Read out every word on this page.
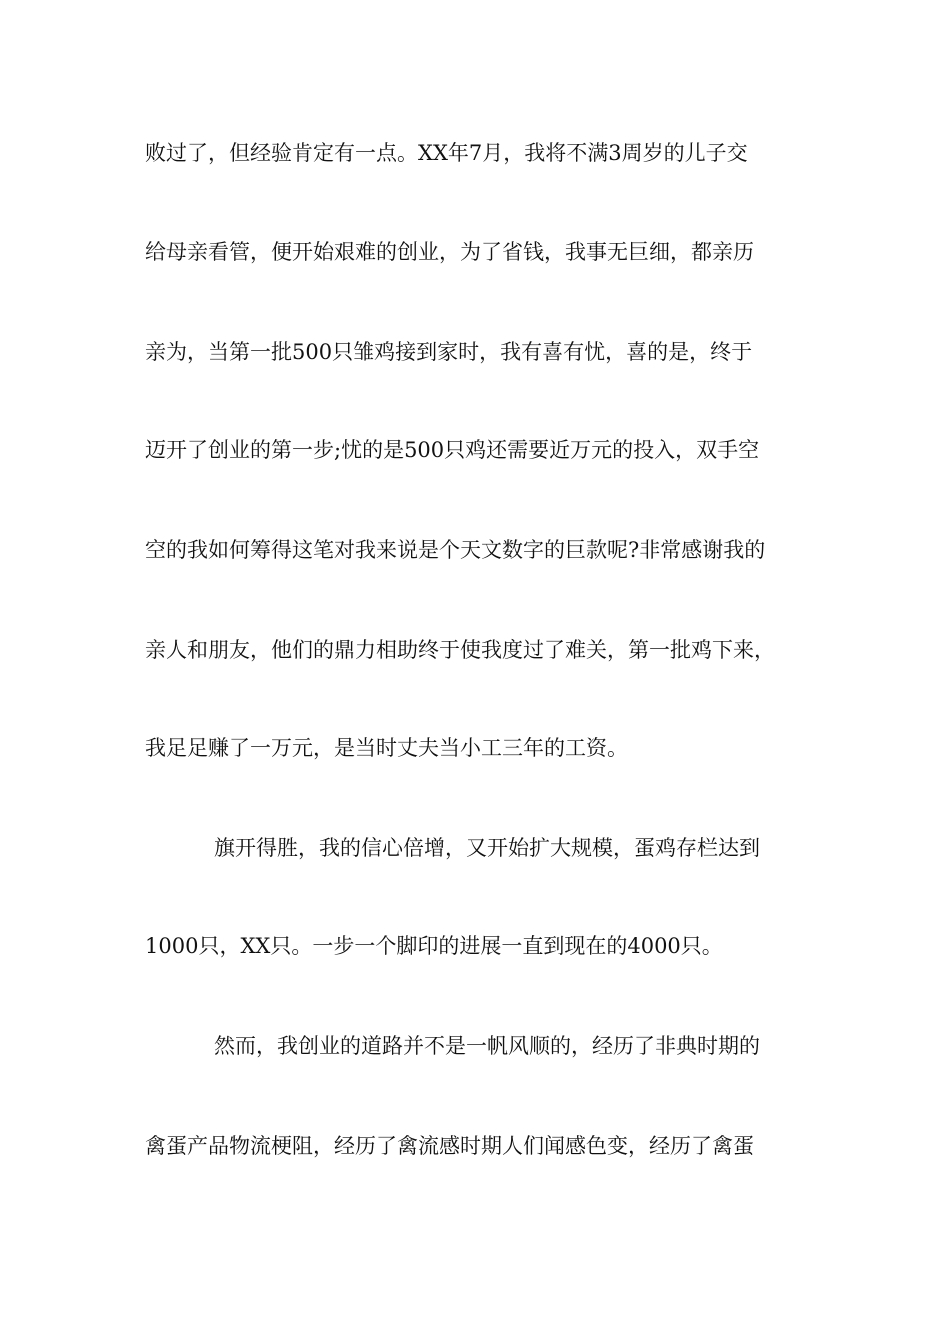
败过了，但经验肯定有一点。XX年7月，我将不满3周岁的儿子交
给母亲看管，便开始艰难的创业，为了省钱，我事无巨细，都亲历
亲为，当第一批500只雏鸡接到家时，我有喜有忧，喜的是，终于
迈开了创业的第一步;忧的是500只鸡还需要近万元的投入，双手空
空的我如何筹得这笔对我来说是个天文数字的巨款呢?非常感谢我的
亲人和朋友，他们的鼎力相助终于使我度过了难关，第一批鸡下来，
我足足赚了一万元，是当时丈夫当小工三年的工资。
旗开得胜，我的信心倍增，又开始扩大规模，蛋鸡存栏达到
1000只，XX只。一步一个脚印的进展一直到现在的4000只。
然而，我创业的道路并不是一帆风顺的，经历了非典时期的
禽蛋产品物流梗阻，经历了禽流感时期人们闻感色变，经历了禽蛋
